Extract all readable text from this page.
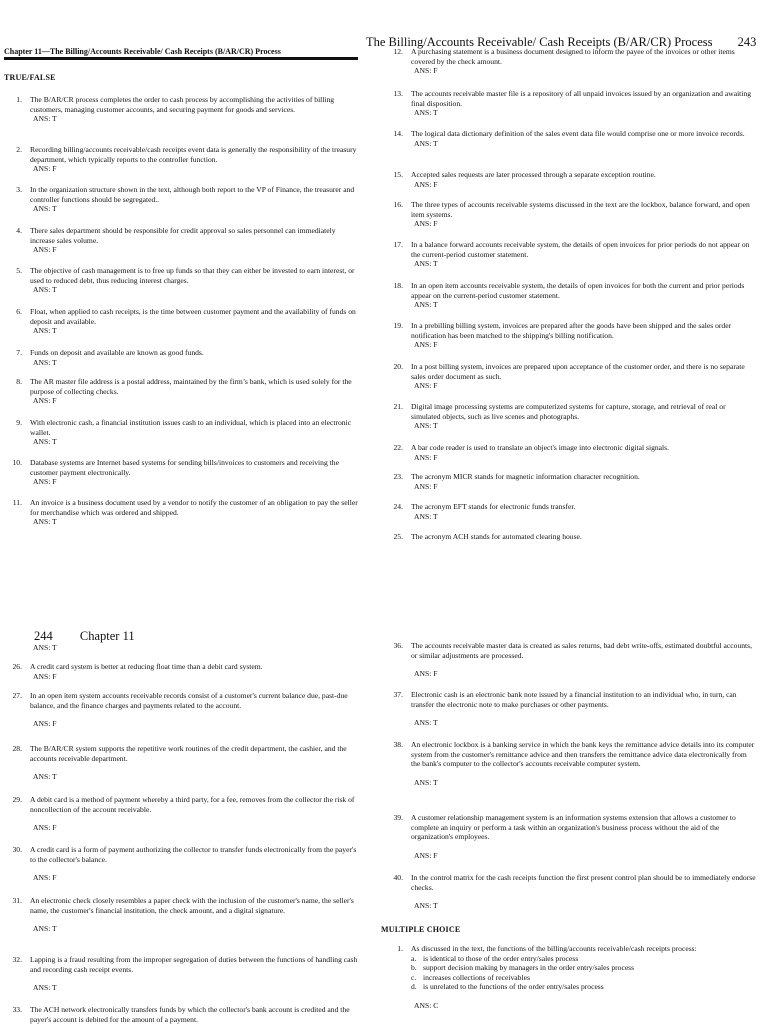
The Billing/Accounts Receivable/ Cash Receipts (B/AR/CR) Process 243
Chapter 11—The Billing/Accounts Receivable/ Cash Receipts (B/AR/CR) Process
TRUE/FALSE
1. The B/AR/CR process completes the order to cash process by accomplishing the activities of billing customers, managing customer accounts, and securing payment for goods and services.
ANS: T
2. Recording billing/accounts receivable/cash receipts event data is generally the responsibility of the treasury department, which typically reports to the controller function.
ANS: F
3. In the organization structure shown in the text, although both report to the VP of Finance, the treasurer and controller functions should be segregated..
ANS: T
4. There sales department should be responsible for credit approval so sales personnel can immediately increase sales volume.
ANS: F
5. The objective of cash management is to free up funds so that they can either be invested to earn interest, or used to reduced debt, thus reducing interest charges.
ANS: T
6. Float, when applied to cash receipts, is the time between customer payment and the availability of funds on deposit and available.
ANS: T
7. Funds on deposit and available are known as good funds.
ANS: T
8. The AR master file address is a postal address, maintained by the firm’s bank, which is used solely for the purpose of collecting checks.
ANS: F
9. With electronic cash, a financial institution issues cash to an individual, which is placed into an electronic wallet.
ANS: T
10. Database systems are Internet based systems for sending bills/invoices to customers and receiving the customer payment electronically.
ANS: F
11. An invoice is a business document used by a vendor to notify the customer of an obligation to pay the seller for merchandise which was ordered and shipped.
ANS: T
12. A purchasing statement is a business document designed to inform the payee of the invoices or other items covered by the check amount.
ANS: F
13. The accounts receivable master file is a repository of all unpaid invoices issued by an organization and awaiting final disposition.
ANS: T
14. The logical data dictionary definition of the sales event data file would comprise one or more invoice records.
ANS: T
15. Accepted sales requests are later processed through a separate exception routine.
ANS: F
16. The three types of accounts receivable systems discussed in the text are the lockbox, balance forward, and open item systems.
ANS: F
17. In a balance forward accounts receivable system, the details of open invoices for prior periods do not appear on the current-period customer statement.
ANS: T
18. In an open item accounts receivable system, the details of open invoices for both the current and prior periods appear on the current-period customer statement.
ANS: T
19. In a prebilling billing system, invoices are prepared after the goods have been shipped and the sales order notification has been matched to the shipping's billing notification.
ANS: F
20. In a post billing system, invoices are prepared upon acceptance of the customer order, and there is no separate sales order document as such.
ANS: F
21. Digital image processing systems are computerized systems for capture, storage, and retrieval of real or simulated objects, such as live scenes and photographs.
ANS: T
22. A bar code reader is used to translate an object's image into electronic digital signals.
ANS: F
23. The acronym MICR stands for magnetic information character recognition.
ANS: F
24. The acronym EFT stands for electronic funds transfer.
ANS: T
25. The acronym ACH stands for automated clearing house.
244 Chapter 11
ANS: T
26. A credit card system is better at reducing float time than a debit card system.
ANS: F
27. In an open item system accounts receivable records consist of a customer's current balance due, past-due balance, and the finance charges and payments related to the account.
ANS: F
28. The B/AR/CR system supports the repetitive work routines of the credit department, the cashier, and the accounts receivable department.
ANS: T
29. A debit card is a method of payment whereby a third party, for a fee, removes from the collector the risk of noncollection of the account receivable.
ANS: F
30. A credit card is a form of payment authorizing the collector to transfer funds electronically from the payer's to the collector's balance.
ANS: F
31. An electronic check closely resembles a paper check with the inclusion of the customer's name, the seller's name, the customer's financial institution, the check amount, and a digital signature.
ANS: T
32. Lapping is a fraud resulting from the improper segregation of duties between the functions of handling cash and recording cash receipt events.
ANS: T
33. The ACH network electronically transfers funds by which the collector's bank account is credited and the payer's account is debited for the amount of a payment.
36. The accounts receivable master data is created as sales returns, bad debt write-offs, estimated doubtful accounts, or similar adjustments are processed.
ANS: F
37. Electronic cash is an electronic bank note issued by a financial institution to an individual who, in turn, can transfer the electronic note to make purchases or other payments.
ANS: T
38. An electronic lockbox is a banking service in which the bank keys the remittance advice details into its computer system from the customer's remittance advice and then transfers the remittance advice data electronically from the bank's computer to the collector's accounts receivable computer system.
ANS: T
39. A customer relationship management system is an information systems extension that allows a customer to complete an inquiry or perform a task within an organization's business process without the aid of the organization's employees.
ANS: F
40. In the control matrix for the cash receipts function the first present control plan should be to immediately endorse checks.
ANS: T
MULTIPLE CHOICE
1. As discussed in the text, the functions of the billing/accounts receivable/cash receipts process:
a. is identical to those of the order entry/sales process
b. support decision making by managers in the order entry/sales process
c. increases collections of receivables
d. is unrelated to the functions of the order entry/sales process
ANS: C
